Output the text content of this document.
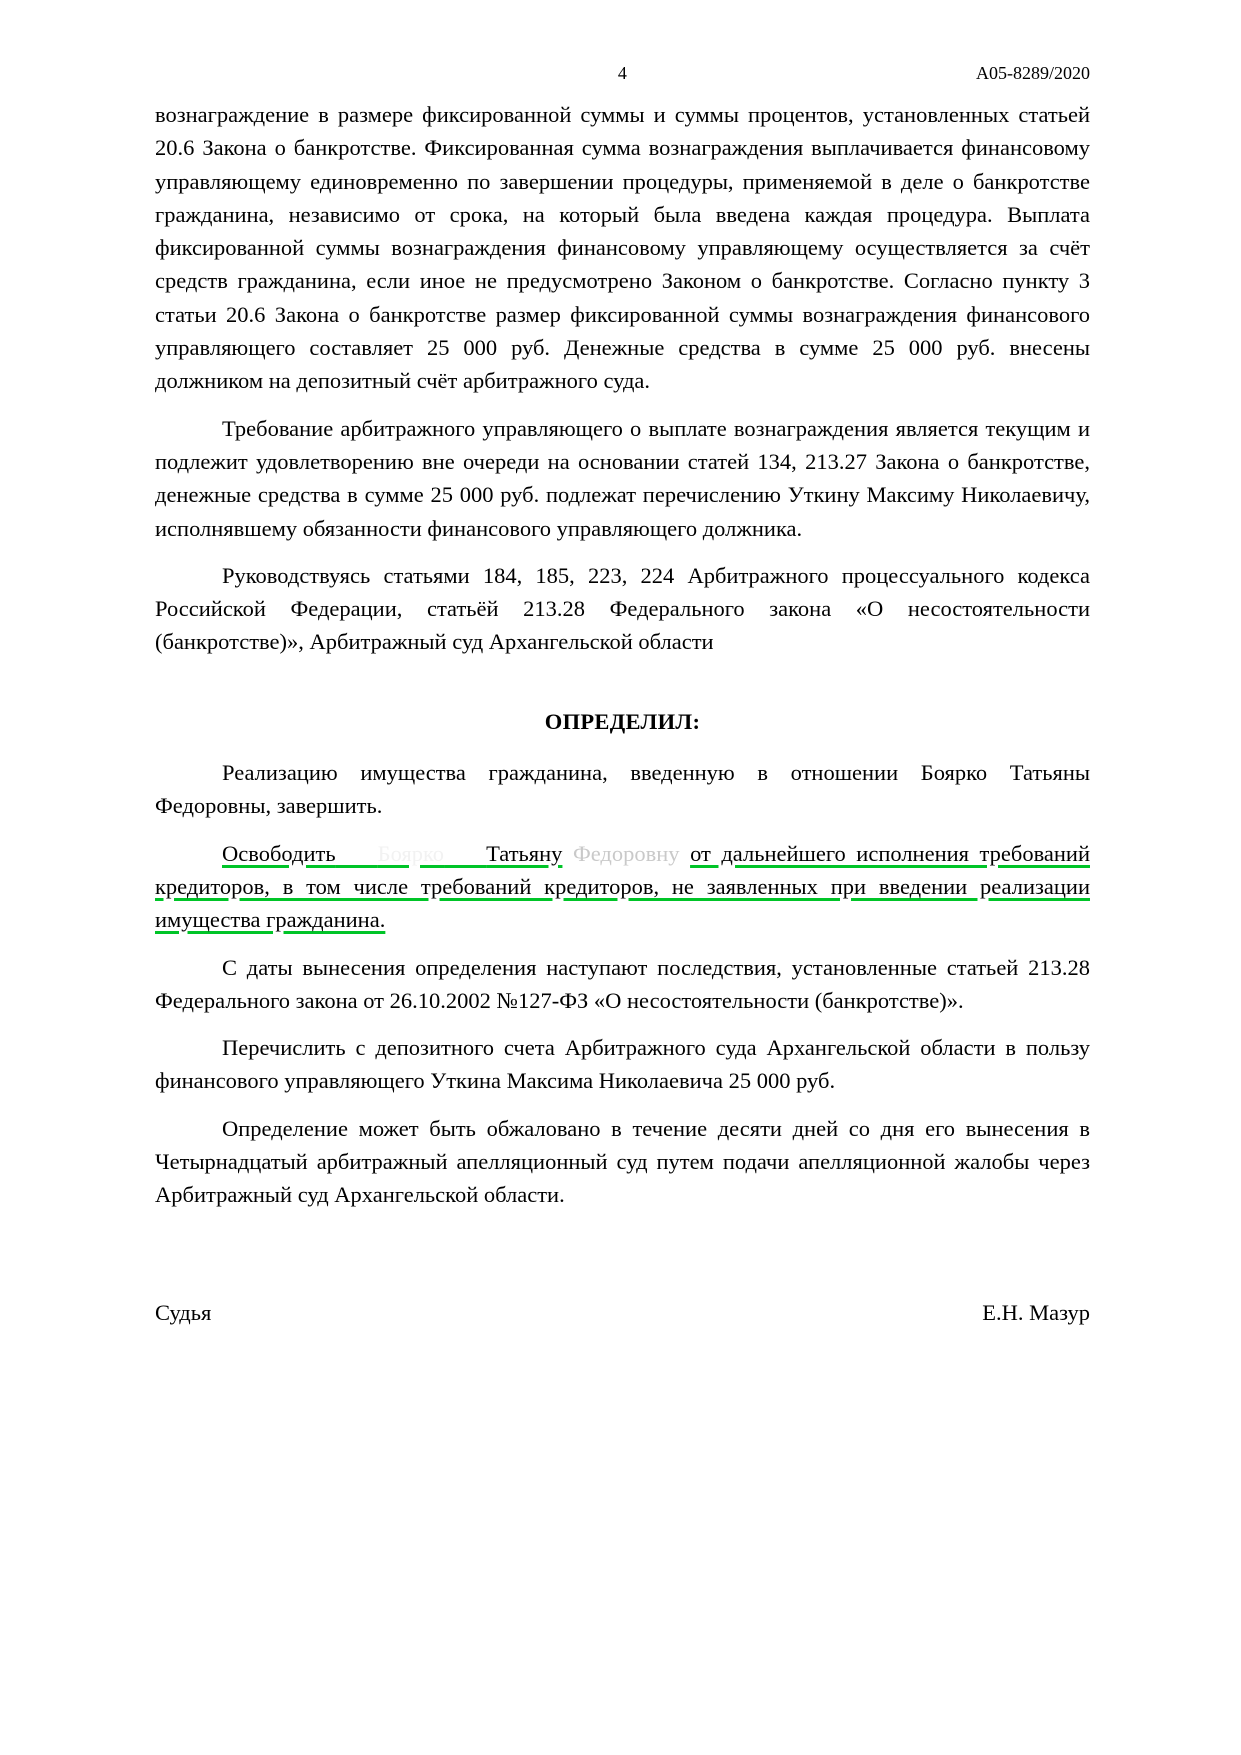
4	A05-8289/2020

вознаграждение в размере фиксированной суммы и суммы процентов, установленных статьей 20.6 Закона о банкротстве. Фиксированная сумма вознаграждения выплачивается финансовому управляющему единовременно по завершении процедуры, применяемой в деле о банкротстве гражданина, независимо от срока, на который была введена каждая процедура. Выплата фиксированной суммы вознаграждения финансовому управляющему осуществляется за счёт средств гражданина, если иное не предусмотрено Законом о банкротстве. Согласно пункту 3 статьи 20.6 Закона о банкротстве размер фиксированной суммы вознаграждения финансового управляющего составляет 25 000 руб. Денежные средства в сумме 25 000 руб. внесены должником на депозитный счёт арбитражного суда.

Требование арбитражного управляющего о выплате вознаграждения является текущим и подлежит удовлетворению вне очереди на основании статей 134, 213.27 Закона о банкротстве, денежные средства в сумме 25 000 руб. подлежат перечислению Уткину Максиму Николаевичу, исполнявшему обязанности финансового управляющего должника.

Руководствуясь статьями 184, 185, 223, 224 Арбитражного процессуального кодекса Российской Федерации, статьёй 213.28 Федерального закона «О несостоятельности (банкротстве)», Арбитражный суд Архангельской области

ОПРЕДЕЛИЛ:

Реализацию имущества гражданина, введенную в отношении Боярко Татьяны Федоровны, завершить.

Освободить Боярко Татьяну Федоровну от дальнейшего исполнения требований кредиторов, в том числе требований кредиторов, не заявленных при введении реализации имущества гражданина.

С даты вынесения определения наступают последствия, установленные статьей 213.28 Федерального закона от 26.10.2002 №127-ФЗ «О несостоятельности (банкротстве)».

Перечислить с депозитного счета Арбитражного суда Архангельской области в пользу финансового управляющего Уткина Максима Николаевича 25 000 руб.

Определение может быть обжаловано в течение десяти дней со дня его вынесения в Четырнадцатый арбитражный апелляционный суд путем подачи апелляционной жалобы через Арбитражный суд Архангельской области.

Судья	Е.Н. Мазур
